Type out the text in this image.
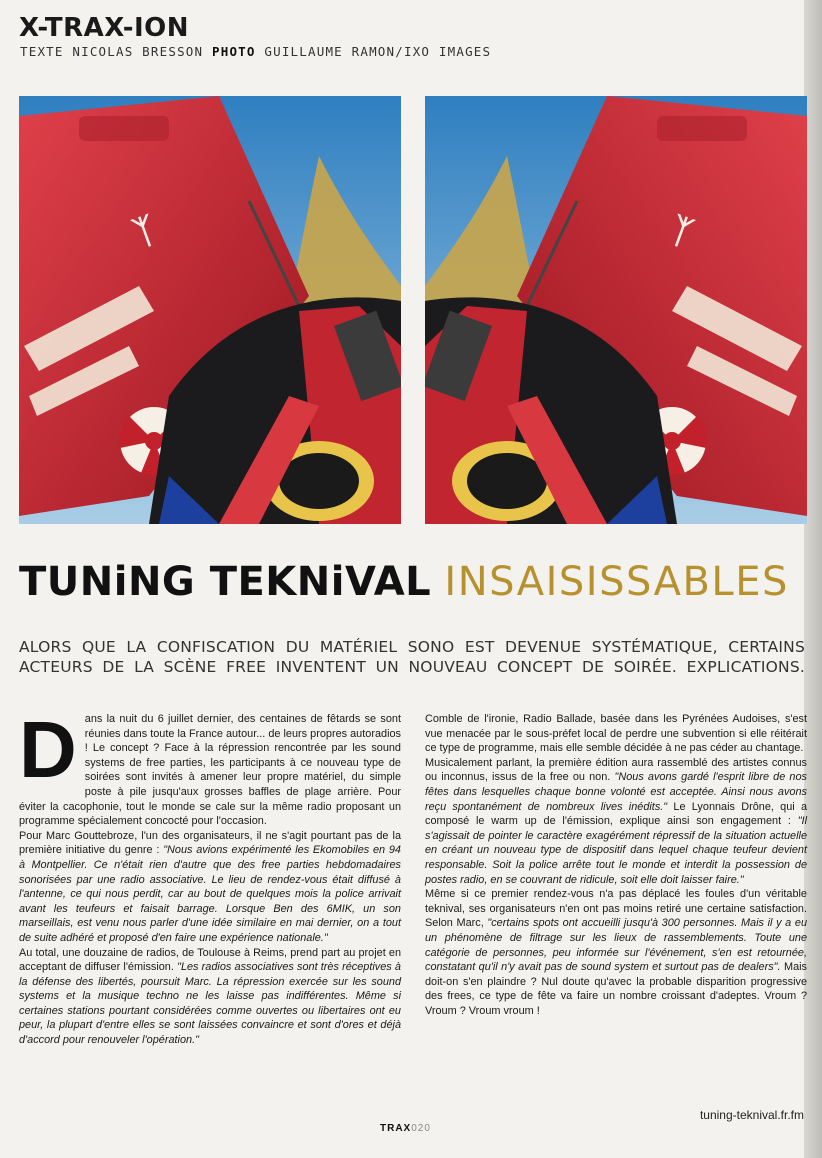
X-TRAX-ION
TEXTE NICOLAS BRESSON PHOTO GUILLAUME RAMON/IXO IMAGES
ᛉ	ᛉ
TUNiNG TEKNiVAL INSAISISSABLES
ALORS QUE LA CONFISCATION DU MATÉRIEL SONO EST DEVENUE SYSTÉMATIQUE, CERTAINS ACTEURS DE LA SCÈNE FREE INVENTENT UN NOUVEAU CONCEPT DE SOIRÉE. EXPLICATIONS.

Dans la nuit du 6 juillet dernier, des centaines de fêtards se sont réunies dans toute la France autour... de leurs propres autoradios ! Le concept ? Face à la répression rencontrée par les sound systems de free parties, les participants à ce nouveau type de soirées sont invités à amener leur propre matériel, du simple poste à pile jusqu'aux grosses baffles de plage arrière. Pour éviter la cacophonie, tout le monde se cale sur la même radio proposant un programme spécialement concocté pour l'occasion.

Pour Marc Gouttebroze, l'un des organisateurs, il ne s'agit pourtant pas de la première initiative du genre : "Nous avions expérimenté les Ekomobiles en 94 à Montpellier. Ce n'était rien d'autre que des free parties hebdomadaires sonorisées par une radio associative. Le lieu de rendez-vous était diffusé à l'antenne, ce qui nous perdit, car au bout de quelques mois la police arrivait avant les teufeurs et faisait barrage. Lorsque Ben des 6MIK, un son marseillais, est venu nous parler d'une idée similaire en mai dernier, on a tout de suite adhéré et proposé d'en faire une expérience nationale."

Au total, une douzaine de radios, de Toulouse à Reims, prend part au projet en acceptant de diffuser l'émission. "Les radios associatives sont très réceptives à la défense des libertés, poursuit Marc. La répression exercée sur les sound systems et la musique techno ne les laisse pas indifférentes. Même si certaines stations pourtant considérées comme ouvertes ou libertaires ont eu peur, la plupart d'entre elles se sont laissées convaincre et sont d'ores et déjà d'accord pour renouveler l'opération."

Comble de l'ironie, Radio Ballade, basée dans les Pyrénées Audoises, s'est vue menacée par le sous-préfet local de perdre une subvention si elle réitérait ce type de programme, mais elle semble décidée à ne pas céder au chantage.

Musicalement parlant, la première édition aura rassemblé des artistes connus ou inconnus, issus de la free ou non. "Nous avons gardé l'esprit libre de nos fêtes dans lesquelles chaque bonne volonté est acceptée. Ainsi nous avons reçu spontanément de nombreux lives inédits." Le Lyonnais Drône, qui a composé le warm up de l'émission, explique ainsi son engagement : "Il s'agissait de pointer le caractère exagérément répressif de la situation actuelle en créant un nouveau type de dispositif dans lequel chaque teufeur devient responsable. Soit la police arrête tout le monde et interdit la possession de postes radio, en se couvrant de ridicule, soit elle doit laisser faire."

Même si ce premier rendez-vous n'a pas déplacé les foules d'un véritable teknival, ses organisateurs n'en ont pas moins retiré une certaine satisfaction. Selon Marc, "certains spots ont accueilli jusqu'à 300 personnes. Mais il y a eu un phénomène de filtrage sur les lieux de rassemblements. Toute une catégorie de personnes, peu informée sur l'événement, s'en est retournée, constatant qu'il n'y avait pas de sound system et surtout pas de dealers". Mais doit-on s'en plaindre ? Nul doute qu'avec la probable disparition progressive des frees, ce type de fête va faire un nombre croissant d'adeptes. Vroum ? Vroum ? Vroum vroum !

tuning-teknival.fr.fm
TRAX020
